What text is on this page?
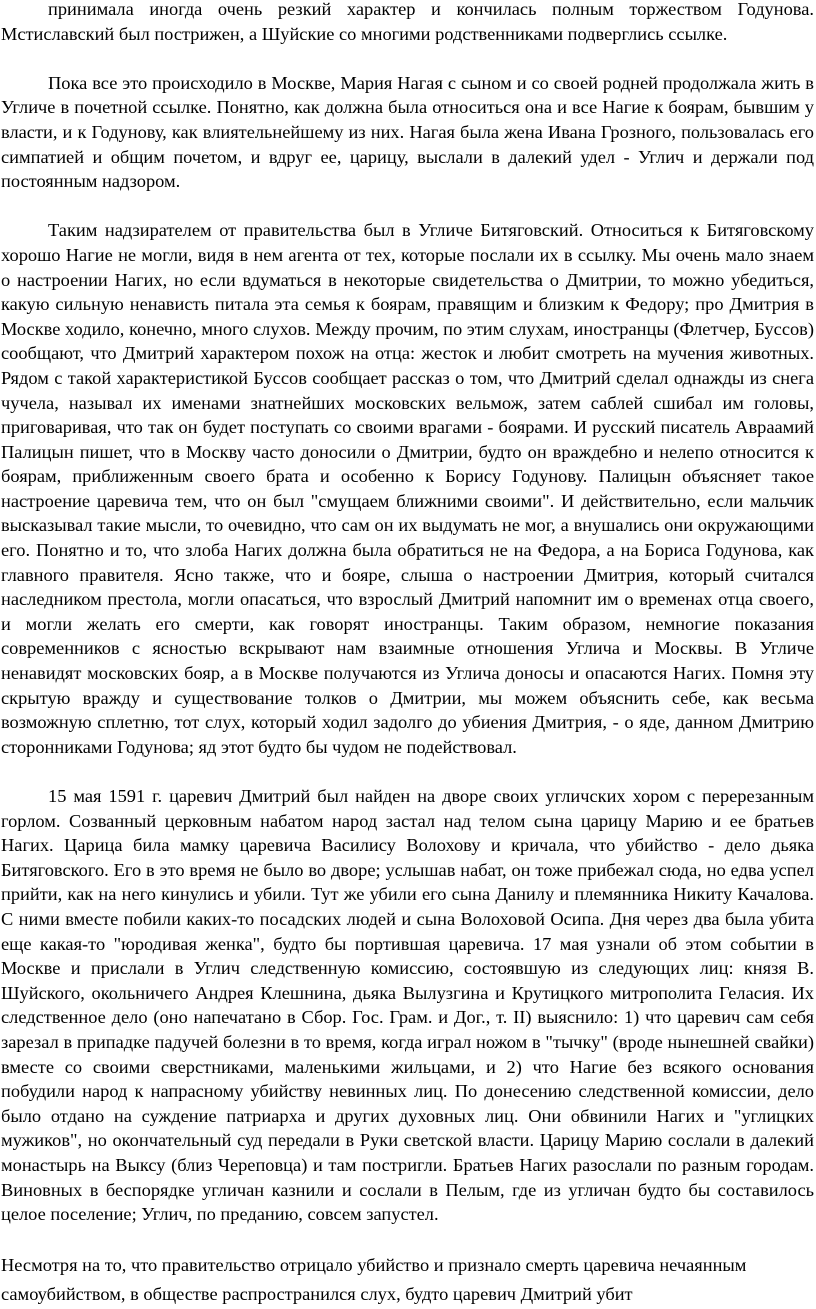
принимала иногда очень резкий характер и кончилась полным торжеством Годунова. Мстиславский был пострижен, а Шуйские со многими родственниками подверглись ссылке.

Пока все это происходило в Москве, Мария Нагая с сыном и со своей родней продолжала жить в Угличе в почетной ссылке. Понятно, как должна была относиться она и все Нагие к боярам, бывшим у власти, и к Годунову, как влиятельнейшему из них. Нагая была жена Ивана Грозного, пользовалась его симпатией и общим почетом, и вдруг ее, царицу, выслали в далекий удел - Углич и держали под постоянным надзором.

Таким надзирателем от правительства был в Угличе Битяговский. Относиться к Битяговскому хорошо Нагие не могли, видя в нем агента от тех, которые послали их в ссылку. Мы очень мало знаем о настроении Нагих, но если вдуматься в некоторые свидетельства о Дмитрии, то можно убедиться, какую сильную ненависть питала эта семья к боярам, правящим и близким к Федору; про Дмитрия в Москве ходило, конечно, много слухов. Между прочим, по этим слухам, иностранцы (Флетчер, Буссов) сообщают, что Дмитрий характером похож на отца: жесток и любит смотреть на мучения животных. Рядом с такой характеристикой Буссов сообщает рассказ о том, что Дмитрий сделал однажды из снега чучела, называл их именами знатнейших московских вельмож, затем саблей сшибал им головы, приговаривая, что так он будет поступать со своими врагами - боярами. И русский писатель Авраамий Палицын пишет, что в Москву часто доносили о Дмитрии, будто он враждебно и нелепо относится к боярам, приближенным своего брата и особенно к Борису Годунову. Палицын объясняет такое настроение царевича тем, что он был "смущаем ближними своими". И действительно, если мальчик высказывал такие мысли, то очевидно, что сам он их выдумать не мог, а внушались они окружающими его. Понятно и то, что злоба Нагих должна была обратиться не на Федора, а на Бориса Годунова, как главного правителя. Ясно также, что и бояре, слыша о настроении Дмитрия, который считался наследником престола, могли опасаться, что взрослый Дмитрий напомнит им о временах отца своего, и могли желать его смерти, как говорят иностранцы. Таким образом, немногие показания современников с ясностью вскрывают нам взаимные отношения Углича и Москвы. В Угличе ненавидят московских бояр, а в Москве получаются из Углича доносы и опасаются Нагих. Помня эту скрытую вражду и существование толков о Дмитрии, мы можем объяснить себе, как весьма возможную сплетню, тот слух, который ходил задолго до убиения Дмитрия, - о яде, данном Дмитрию сторонниками Годунова; яд этот будто бы чудом не подействовал.

15 мая 1591 г. царевич Дмитрий был найден на дворе своих угличских хором с перерезанным горлом. Созванный церковным набатом народ застал над телом сына царицу Марию и ее братьев Нагих. Царица била мамку царевича Василису Волохову и кричала, что убийство - дело дьяка Битяговского. Его в это время не было во дворе; услышав набат, он тоже прибежал сюда, но едва успел прийти, как на него кинулись и убили. Тут же убили его сына Данилу и племянника Никиту Качалова. С ними вместе побили каких-то посадских людей и сына Волоховой Осипа. Дня через два была убита еще какая-то "юродивая женка", будто бы портившая царевича. 17 мая узнали об этом событии в Москве и прислали в Углич следственную комиссию, состоявшую из следующих лиц: князя В. Шуйского, окольничего Андрея Клешнина, дьяка Вылузгина и Крутицкого митрополита Геласия. Их следственное дело (оно напечатано в Сбор. Гос. Грам. и Дог., т. II) выяснило: 1) что царевич сам себя зарезал в припадке падучей болезни в то время, когда играл ножом в "тычку" (вроде нынешней свайки) вместе со своими сверстниками, маленькими жильцами, и 2) что Нагие без всякого основания побудили народ к напрасному убийству невинных лиц. По донесению следственной комиссии, дело было отдано на суждение патриарха и других духовных лиц. Они обвинили Нагих и "углицких мужиков", но окончательный суд передали в Руки светской власти. Царицу Марию сослали в далекий монастырь на Выксу (близ Череповца) и там постригли. Братьев Нагих разослали по разным городам. Виновных в беспорядке угличан казнили и сослали в Пелым, где из угличан будто бы составилось целое поселение; Углич, по преданию, совсем запустел.

Несмотря на то, что правительство отрицало убийство и признало смерть царевича нечаянным самоубийством, в обществе распространился слух, будто царевич Дмитрий убит
